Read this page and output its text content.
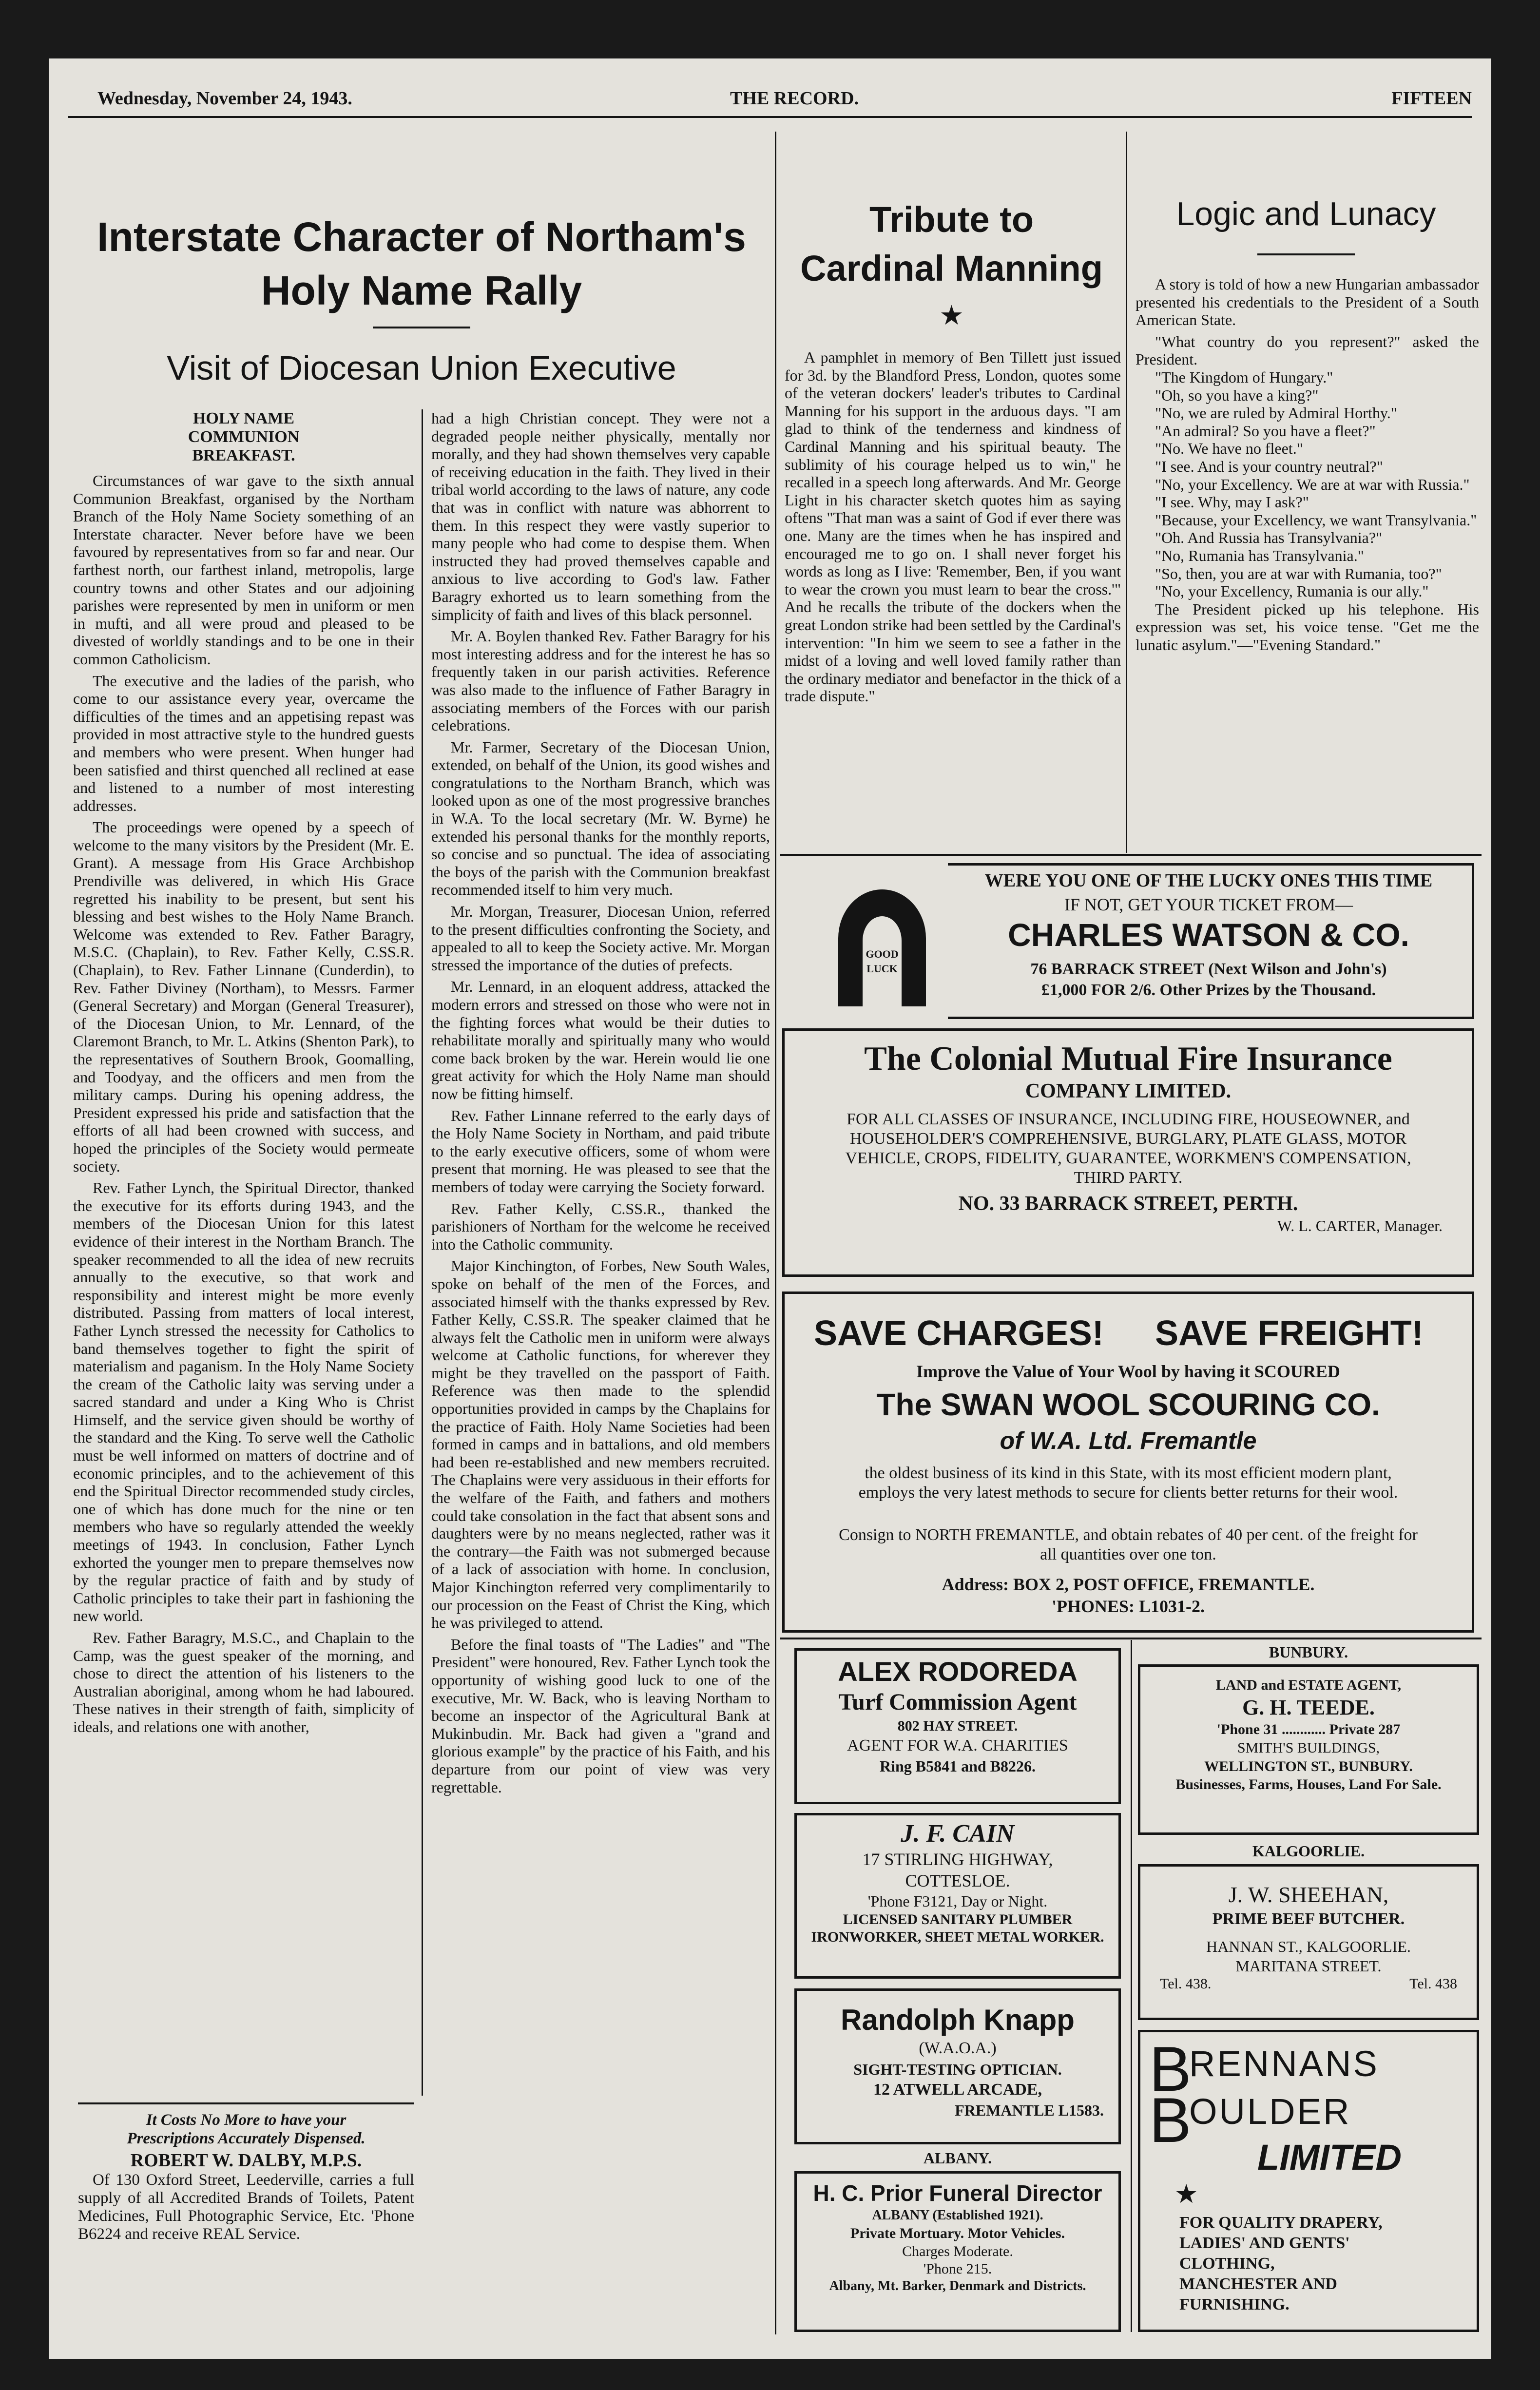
Wednesday, November 24, 1943.	THE RECORD.	FIFTEEN
Interstate Character of Northam's
Holy Name Rally
Visit of Diocesan Union Executive
HOLY NAME COMMUNION BREAKFAST.

Circumstances of war gave to the sixth annual Communion Breakfast, organised by the Northam Branch of the Holy Name Society something of an Interstate character. Never before have we been favoured by representatives from so far and near. Our farthest north, our farthest inland, metropolis, large country towns and other States and our adjoining parishes were represented by men in uniform or men in mufti, and all were proud and pleased to be divested of worldly standings and to be one in their common Catholicism.

The executive and the ladies of the parish, who come to our assistance every year, overcame the difficulties of the times and an appetising repast was provided in most attractive style to the hundred guests and members who were present. When hunger had been satisfied and thirst quenched all reclined at ease and listened to a number of most interesting addresses.

The proceedings were opened by a speech of welcome to the many visitors by the President (Mr. E. Grant). A message from His Grace Archbishop Prendiville was delivered, in which His Grace regretted his inability to be present, but sent his blessing and best wishes to the Holy Name Branch. Welcome was extended to Rev. Father Baragry, M.S.C. (Chaplain), to Rev. Father Kelly, C.SS.R. (Chaplain), to Rev. Father Linnane (Cunderdin), to Rev. Father Diviney (Northam), to Messrs. Farmer (General Secretary) and Morgan (General Treasurer), of the Diocesan Union, to Mr. Lennard, of the Claremont Branch, to Mr. L. Atkins (Shenton Park), to the representatives of Southern Brook, Goomalling, and Toodyay, and the officers and men from the military camps. During his opening address, the President expressed his pride and satisfaction that the efforts of all had been crowned with success, and hoped the principles of the Society would permeate society.

Rev. Father Lynch, the Spiritual Director, thanked the executive for its efforts during 1943, and the members of the Diocesan Union for this latest evidence of their interest in the Northam Branch. The speaker recommended to all the idea of new recruits annually to the executive, so that work and responsibility and interest might be more evenly distributed. Passing from matters of local interest, Father Lynch stressed the necessity for Catholics to band themselves together to fight the spirit of materialism and paganism. In the Holy Name Society the cream of the Catholic laity was serving under a sacred standard and under a King Who is Christ Himself, and the service given should be worthy of the standard and the King. To serve well the Catholic must be well informed on matters of doctrine and of economic principles, and to the achievement of this end the Spiritual Director recommended study circles, one of which has done much for the nine or ten members who have so regularly attended the weekly meetings of 1943. In conclusion, Father Lynch exhorted the younger men to prepare themselves now by the regular practice of faith and by study of Catholic principles to take their part in fashioning the new world.

Rev. Father Baragry, M.S.C., and Chaplain to the Camp, was the guest speaker of the morning, and chose to direct the attention of his listeners to the Australian aboriginal, among whom he had laboured. These natives in their strength of faith, simplicity of ideals, and relations one with another,

had a high Christian concept. They were not a degraded people neither physically, mentally nor morally, and they had shown themselves very capable of receiving education in the faith. They lived in their tribal world according to the laws of nature, any code that was in conflict with nature was abhorrent to them. In this respect they were vastly superior to many people who had come to despise them. When instructed they had proved themselves capable and anxious to live according to God's law. Father Baragry exhorted us to learn something from the simplicity of faith and lives of this black personnel.

Mr. A. Boylen thanked Rev. Father Baragry for his most interesting address and for the interest he has so frequently taken in our parish activities. Reference was also made to the influence of Father Baragry in associating members of the Forces with our parish celebrations.

Mr. Farmer, Secretary of the Diocesan Union, extended, on behalf of the Union, its good wishes and congratulations to the Northam Branch, which was looked upon as one of the most progressive branches in W.A. To the local secretary (Mr. W. Byrne) he extended his personal thanks for the monthly reports, so concise and so punctual. The idea of associating the boys of the parish with the Communion breakfast recommended itself to him very much.

Mr. Morgan, Treasurer, Diocesan Union, referred to the present difficulties confronting the Society, and appealed to all to keep the Society active. Mr. Morgan stressed the importance of the duties of prefects.

Mr. Lennard, in an eloquent address, attacked the modern errors and stressed on those who were not in the fighting forces what would be their duties to rehabilitate morally and spiritually many who would come back broken by the war. Herein would lie one great activity for which the Holy Name man should now be fitting himself.

Rev. Father Linnane referred to the early days of the Holy Name Society in Northam, and paid tribute to the early executive officers, some of whom were present that morning. He was pleased to see that the members of today were carrying the Society forward.

Rev. Father Kelly, C.SS.R., thanked the parishioners of Northam for the welcome he received into the Catholic community.

Major Kinchington, of Forbes, New South Wales, spoke on behalf of the men of the Forces, and associated himself with the thanks expressed by Rev. Father Kelly, C.SS.R. The speaker claimed that he always felt the Catholic men in uniform were always welcome at Catholic functions, for wherever they might be they travelled on the passport of Faith. Reference was then made to the splendid opportunities provided in camps by the Chaplains for the practice of Faith. Holy Name Societies had been formed in camps and in battalions, and old members had been re-established and new members recruited. The Chaplains were very assiduous in their efforts for the welfare of the Faith, and fathers and mothers could take consolation in the fact that absent sons and daughters were by no means neglected, rather was it the contrary—the Faith was not submerged because of a lack of association with home. In conclusion, Major Kinchington referred very complimentarily to our procession on the Feast of Christ the King, which he was privileged to attend.

Before the final toasts of "The Ladies" and "The President" were honoured, Rev. Father Lynch took the opportunity of wishing good luck to one of the executive, Mr. W. Back, who is leaving Northam to become an inspector of the Agricultural Bank at Mukinbudin. Mr. Back had given a "grand and glorious example" by the practice of his Faith, and his departure from our point of view was very regrettable.

It Costs No More to have your Prescriptions Accurately Dispensed.
ROBERT W. DALBY, M.P.S.
Of 130 Oxford Street, Leederville, carries a full supply of all Accredited Brands of Toilets, Patent Medicines, Full Photographic Service, Etc. 'Phone B6224 and receive REAL Service.
Tribute to
Cardinal Manning
★

A pamphlet in memory of Ben Tillett just issued for 3d. by the Blandford Press, London, quotes some of the veteran dockers' leader's tributes to Cardinal Manning for his support in the arduous days. "I am glad to think of the tenderness and kindness of Cardinal Manning and his spiritual beauty. The sublimity of his courage helped us to win," he recalled in a speech long afterwards. And Mr. George Light in his character sketch quotes him as saying oftens "That man was a saint of God if ever there was one. Many are the times when he has inspired and encouraged me to go on. I shall never forget his words as long as I live: 'Remember, Ben, if you want to wear the crown you must learn to bear the cross.'" And he recalls the tribute of the dockers when the great London strike had been settled by the Cardinal's intervention: "In him we seem to see a father in the midst of a loving and well loved family rather than the ordinary mediator and benefactor in the thick of a trade dispute."

Logic and Lunacy

A story is told of how a new Hungarian ambassador presented his credentials to the President of a South American State.

"What country do you represent?" asked the President.

"The Kingdom of Hungary."

"Oh, so you have a king?"

"No, we are ruled by Admiral Horthy."

"An admiral? So you have a fleet?"

"No. We have no fleet."

"I see. And is your country neutral?"

"No, your Excellency. We are at war with Russia."

"I see. Why, may I ask?"

"Because, your Excellency, we want Transylvania."

"Oh. And Russia has Transylvania?"

"No, Rumania has Transylvania."

"So, then, you are at war with Rumania, too?"

"No, your Excellency, Rumania is our ally."

The President picked up his telephone. His expression was set, his voice tense. "Get me the lunatic asylum."—"Evening Standard."

GOOD
LUCK
WERE YOU ONE OF THE LUCKY ONES THIS TIME
IF NOT, GET YOUR TICKET FROM—
CHARLES WATSON & CO.
76 BARRACK STREET (Next Wilson and John's)
£1,000 FOR 2/6. Other Prizes by the Thousand.
The Colonial Mutual Fire Insurance
COMPANY LIMITED.
FOR ALL CLASSES OF INSURANCE, INCLUDING FIRE, HOUSEOWNER, and HOUSEHOLDER'S COMPREHENSIVE, BURGLARY, PLATE GLASS, MOTOR VEHICLE, CROPS, FIDELITY, GUARANTEE, WORKMEN'S COMPENSATION, THIRD PARTY.
NO. 33 BARRACK STREET, PERTH.
W. L. CARTER, Manager.
SAVE CHARGES! SAVE FREIGHT!
Improve the Value of Your Wool by having it SCOURED
The SWAN WOOL SCOURING CO.
of W.A. Ltd. Fremantle
the oldest business of its kind in this State, with its most efficient modern plant, employs the very latest methods to secure for clients better returns for their wool.
Consign to NORTH FREMANTLE, and obtain rebates of 40 per cent. of the freight for all quantities over one ton.
Address: BOX 2, POST OFFICE, FREMANTLE.
'PHONES: L1031-2.
ALEX RODOREDA
Turf Commission Agent
802 HAY STREET.
AGENT FOR W.A. CHARITIES
Ring B5841 and B8226.
J. F. CAIN
17 STIRLING HIGHWAY,
COTTESLOE.
'Phone F3121, Day or Night.
LICENSED SANITARY PLUMBER
IRONWORKER, SHEET METAL WORKER.
Randolph Knapp
(W.A.O.A.)
SIGHT-TESTING OPTICIAN.
12 ATWELL ARCADE,
FREMANTLE L1583.
ALBANY.
H. C. Prior Funeral Director
ALBANY (Established 1921).
Private Mortuary. Motor Vehicles.
Charges Moderate.
'Phone 215.
Albany, Mt. Barker, Denmark and Districts.
BUNBURY.
LAND and ESTATE AGENT,
G. H. TEEDE.
'Phone 31 ............ Private 287
SMITH'S BUILDINGS,
WELLINGTON ST., BUNBURY.
Businesses, Farms, Houses, Land For Sale.
KALGOORLIE.
J. W. SHEEHAN,
PRIME BEEF BUTCHER.
HANNAN ST., KALGOORLIE.
MARITANA STREET.
Tel. 438.	Tel. 438
B
RENNANS
B
OULDER
LIMITED
★
FOR QUALITY DRAPERY,
LADIES' AND GENTS'
CLOTHING,
MANCHESTER AND
FURNISHING.
